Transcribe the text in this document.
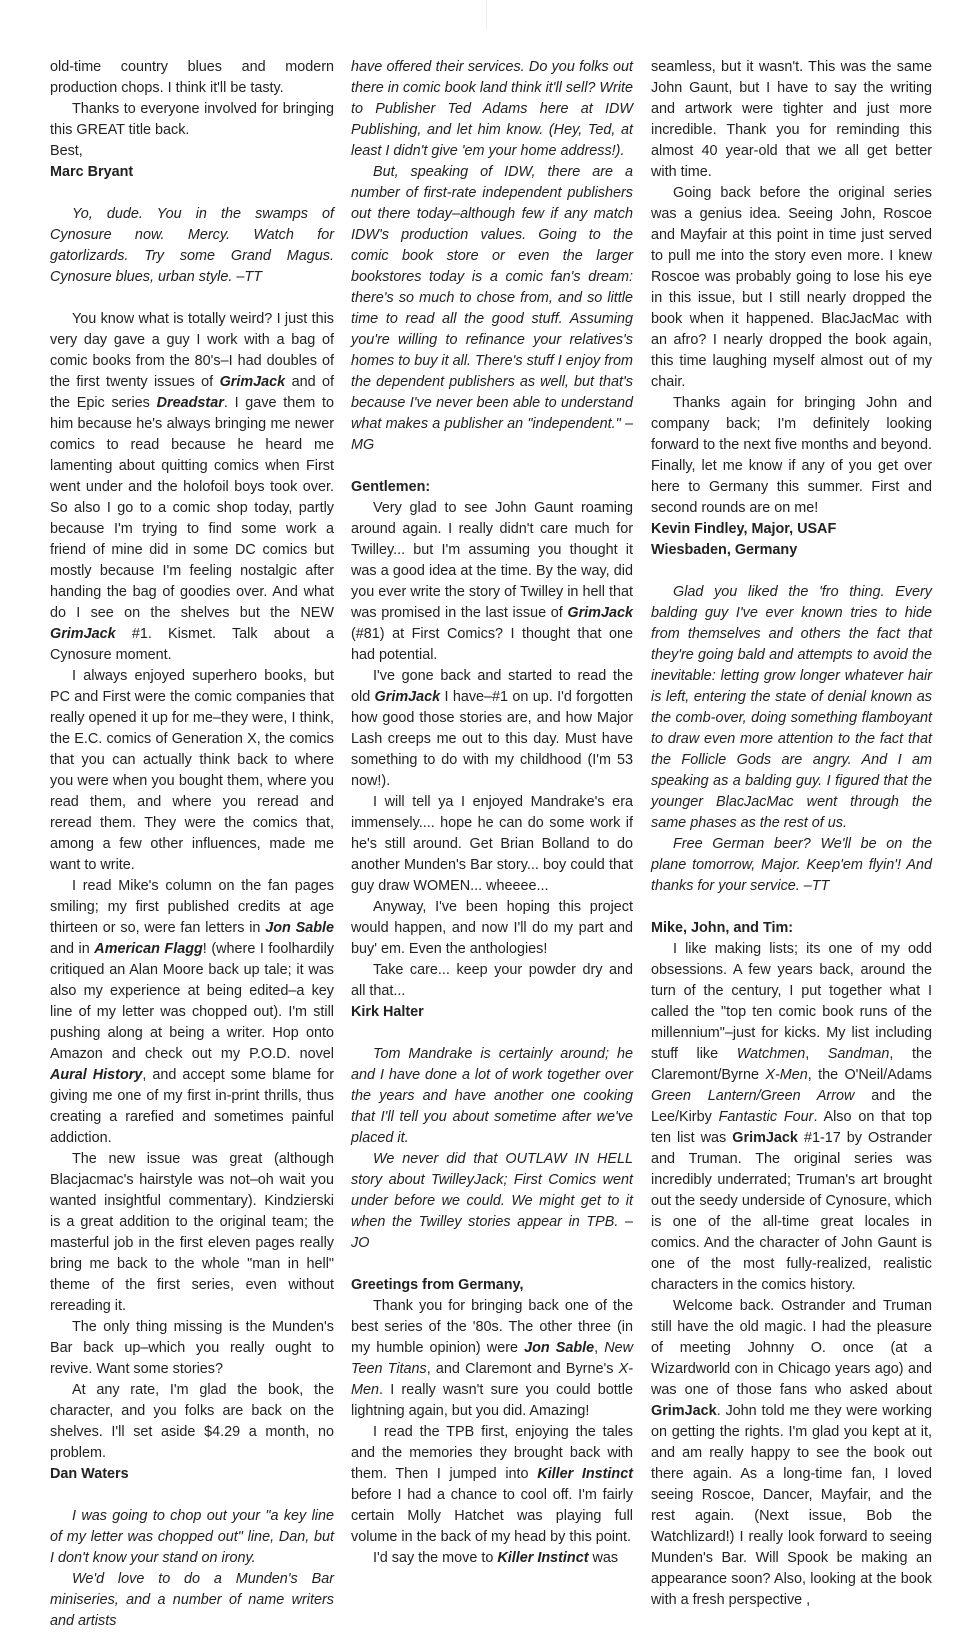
old-time country blues and modern production chops. I think it'll be tasty.

Thanks to everyone involved for bringing this GREAT title back.

Best,

Marc Bryant

Yo, dude. You in the swamps of Cynosure now. Mercy. Watch for gatorlizards. Try some Grand Magus. Cynosure blues, urban style. –TT

You know what is totally weird? I just this very day gave a guy I work with a bag of comic books from the 80's–I had doubles of the first twenty issues of GrimJack and of the Epic series Dreadstar. I gave them to him because he's always bringing me newer comics to read because he heard me lamenting about quitting comics when First went under and the holofoil boys took over. So also I go to a comic shop today, partly because I'm trying to find some work a friend of mine did in some DC comics but mostly because I'm feeling nostalgic after handing the bag of goodies over. And what do I see on the shelves but the NEW GrimJack #1. Kismet. Talk about a Cynosure moment.

I always enjoyed superhero books, but PC and First were the comic companies that really opened it up for me–they were, I think, the E.C. comics of Generation X, the comics that you can actually think back to where you were when you bought them, where you read them, and where you reread and reread them. They were the comics that, among a few other influences, made me want to write.

I read Mike's column on the fan pages smiling; my first published credits at age thirteen or so, were fan letters in Jon Sable and in American Flagg! (where I foolhardily critiqued an Alan Moore back up tale; it was also my experience at being edited–a key line of my letter was chopped out). I'm still pushing along at being a writer. Hop onto Amazon and check out my P.O.D. novel Aural History, and accept some blame for giving me one of my first in-print thrills, thus creating a rarefied and sometimes painful addiction.

The new issue was great (although Blacjacmac's hairstyle was not–oh wait you wanted insightful commentary). Kindzierski is a great addition to the original team; the masterful job in the first eleven pages really bring me back to the whole "man in hell" theme of the first series, even without rereading it.

The only thing missing is the Munden's Bar back up–which you really ought to revive. Want some stories?

At any rate, I'm glad the book, the character, and you folks are back on the shelves. I'll set aside $4.29 a month, no problem.

Dan Waters

I was going to chop out your "a key line of my letter was chopped out" line, Dan, but I don't know your stand on irony.

We'd love to do a Munden's Bar miniseries, and a number of name writers and artists

have offered their services. Do you folks out there in comic book land think it'll sell? Write to Publisher Ted Adams here at IDW Publishing, and let him know. (Hey, Ted, at least I didn't give 'em your home address!).

But, speaking of IDW, there are a number of first-rate independent publishers out there today–although few if any match IDW's production values. Going to the comic book store or even the larger bookstores today is a comic fan's dream: there's so much to chose from, and so little time to read all the good stuff. Assuming you're willing to refinance your relatives's homes to buy it all. There's stuff I enjoy from the dependent publishers as well, but that's because I've never been able to understand what makes a publisher an "independent." –MG

Gentlemen:

Very glad to see John Gaunt roaming around again. I really didn't care much for Twilley... but I'm assuming you thought it was a good idea at the time. By the way, did you ever write the story of Twilley in hell that was promised in the last issue of GrimJack (#81) at First Comics? I thought that one had potential.

I've gone back and started to read the old GrimJack I have–#1 on up. I'd forgotten how good those stories are, and how Major Lash creeps me out to this day. Must have something to do with my childhood (I'm 53 now!).

I will tell ya I enjoyed Mandrake's era immensely.... hope he can do some work if he's still around. Get Brian Bolland to do another Munden's Bar story... boy could that guy draw WOMEN... wheeee...

Anyway, I've been hoping this project would happen, and now I'll do my part and buy' em. Even the anthologies!

Take care... keep your powder dry and all that...

Kirk Halter

Tom Mandrake is certainly around; he and I have done a lot of work together over the years and have another one cooking that I'll tell you about sometime after we've placed it.

We never did that OUTLAW IN HELL story about TwilleyJack; First Comics went under before we could. We might get to it when the Twilley stories appear in TPB. –JO

Greetings from Germany,

Thank you for bringing back one of the best series of the '80s. The other three (in my humble opinion) were Jon Sable, New Teen Titans, and Claremont and Byrne's X-Men. I really wasn't sure you could bottle lightning again, but you did. Amazing!

I read the TPB first, enjoying the tales and the memories they brought back with them. Then I jumped into Killer Instinct before I had a chance to cool off. I'm fairly certain Molly Hatchet was playing full volume in the back of my head by this point.

I'd say the move to Killer Instinct was

seamless, but it wasn't. This was the same John Gaunt, but I have to say the writing and artwork were tighter and just more incredible. Thank you for reminding this almost 40 year-old that we all get better with time.

Going back before the original series was a genius idea. Seeing John, Roscoe and Mayfair at this point in time just served to pull me into the story even more. I knew Roscoe was probably going to lose his eye in this issue, but I still nearly dropped the book when it happened. BlacJacMac with an afro? I nearly dropped the book again, this time laughing myself almost out of my chair.

Thanks again for bringing John and company back; I'm definitely looking forward to the next five months and beyond. Finally, let me know if any of you get over here to Germany this summer. First and second rounds are on me!

Kevin Findley, Major, USAF

Wiesbaden, Germany

Glad you liked the 'fro thing. Every balding guy I've ever known tries to hide from themselves and others the fact that they're going bald and attempts to avoid the inevitable: letting grow longer whatever hair is left, entering the state of denial known as the comb-over, doing something flamboyant to draw even more attention to the fact that the Follicle Gods are angry. And I am speaking as a balding guy. I figured that the younger BlacJacMac went through the same phases as the rest of us.

Free German beer? We'll be on the plane tomorrow, Major. Keep'em flyin'! And thanks for your service. –TT

Mike, John, and Tim:

I like making lists; its one of my odd obsessions. A few years back, around the turn of the century, I put together what I called the "top ten comic book runs of the millennium"–just for kicks. My list including stuff like Watchmen, Sandman, the Claremont/Byrne X-Men, the O'Neil/Adams Green Lantern/Green Arrow and the Lee/Kirby Fantastic Four. Also on that top ten list was GrimJack #1-17 by Ostrander and Truman. The original series was incredibly underrated; Truman's art brought out the seedy underside of Cynosure, which is one of the all-time great locales in comics. And the character of John Gaunt is one of the most fully-realized, realistic characters in the comics history.

Welcome back. Ostrander and Truman still have the old magic. I had the pleasure of meeting Johnny O. once (at a Wizardworld con in Chicago years ago) and was one of those fans who asked about GrimJack. John told me they were working on getting the rights. I'm glad you kept at it, and am really happy to see the book out there again. As a long-time fan, I loved seeing Roscoe, Dancer, Mayfair, and the rest again. (Next issue, Bob the Watchlizard!) I really look forward to seeing Munden's Bar. Will Spook be making an appearance soon? Also, looking at the book with a fresh perspective ,
